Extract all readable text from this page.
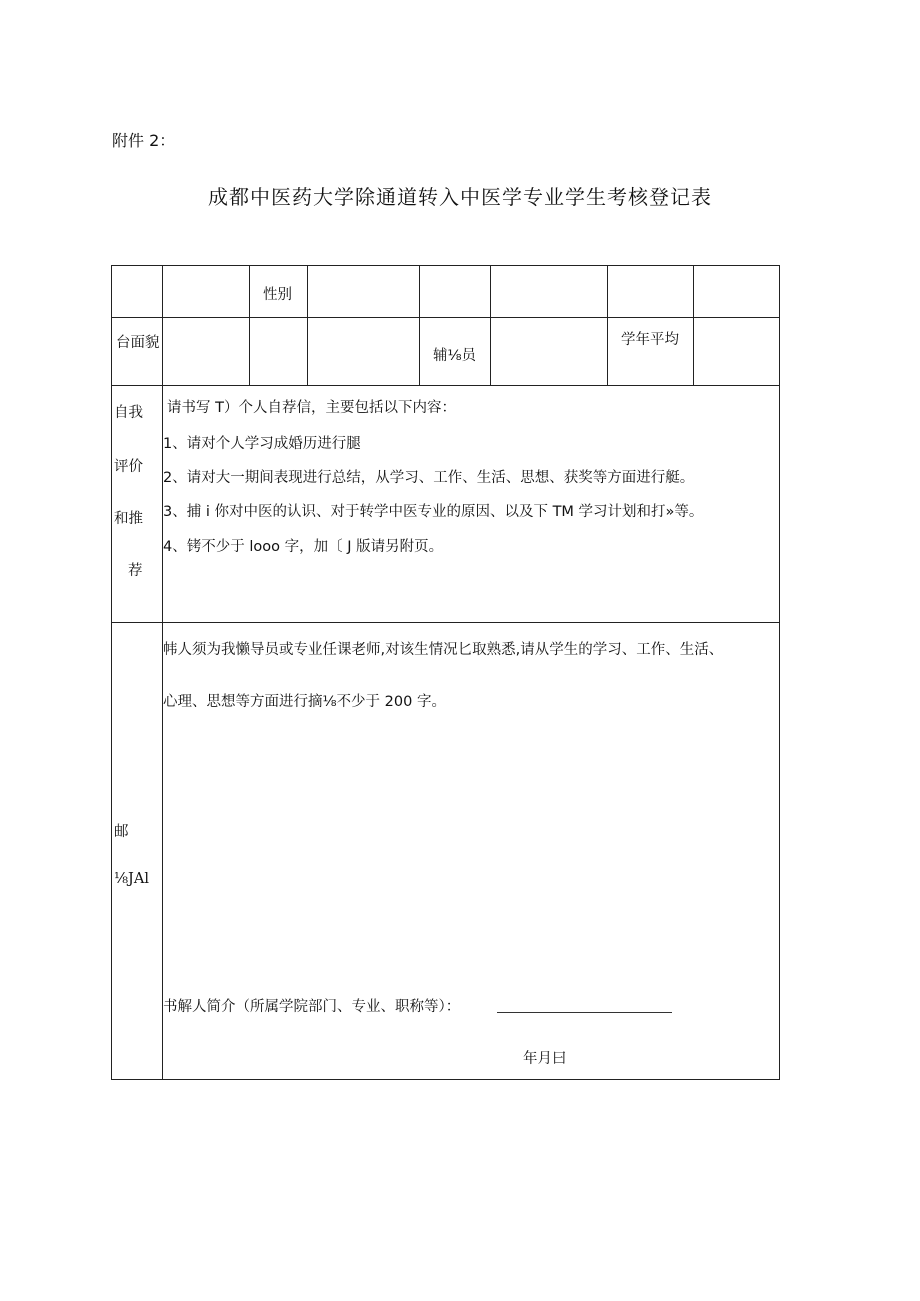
附件 2：
成都中医药大学除通道转入中医学专业学生考核登记表
性别
台面貌
辅⅛员
学年平均
自我
评价
和推
荐
请书写 T）个人自荐信，主要包括以下内容：
1、请对个人学习成婚历进行腿
2、请对大一期间表现进行总结，从学习、工作、生活、思想、获奖等方面进行艇。
3、捕 i 你对中医的认识、对于转学中医专业的原因、以及下 TM 学习计划和打»等。
4、铐不少于 looo 字，加〔 J 版请另附页。
邮
⅛JAl
帏人须为我懒导员或专业任课老师,对该生情况匕取熟悉,请从学生的学习、工作、生活、
心理、思想等方面进行摘⅛不少于 200 字。
书解人简介（所属学院部门、专业、职称等）：
年月曰
